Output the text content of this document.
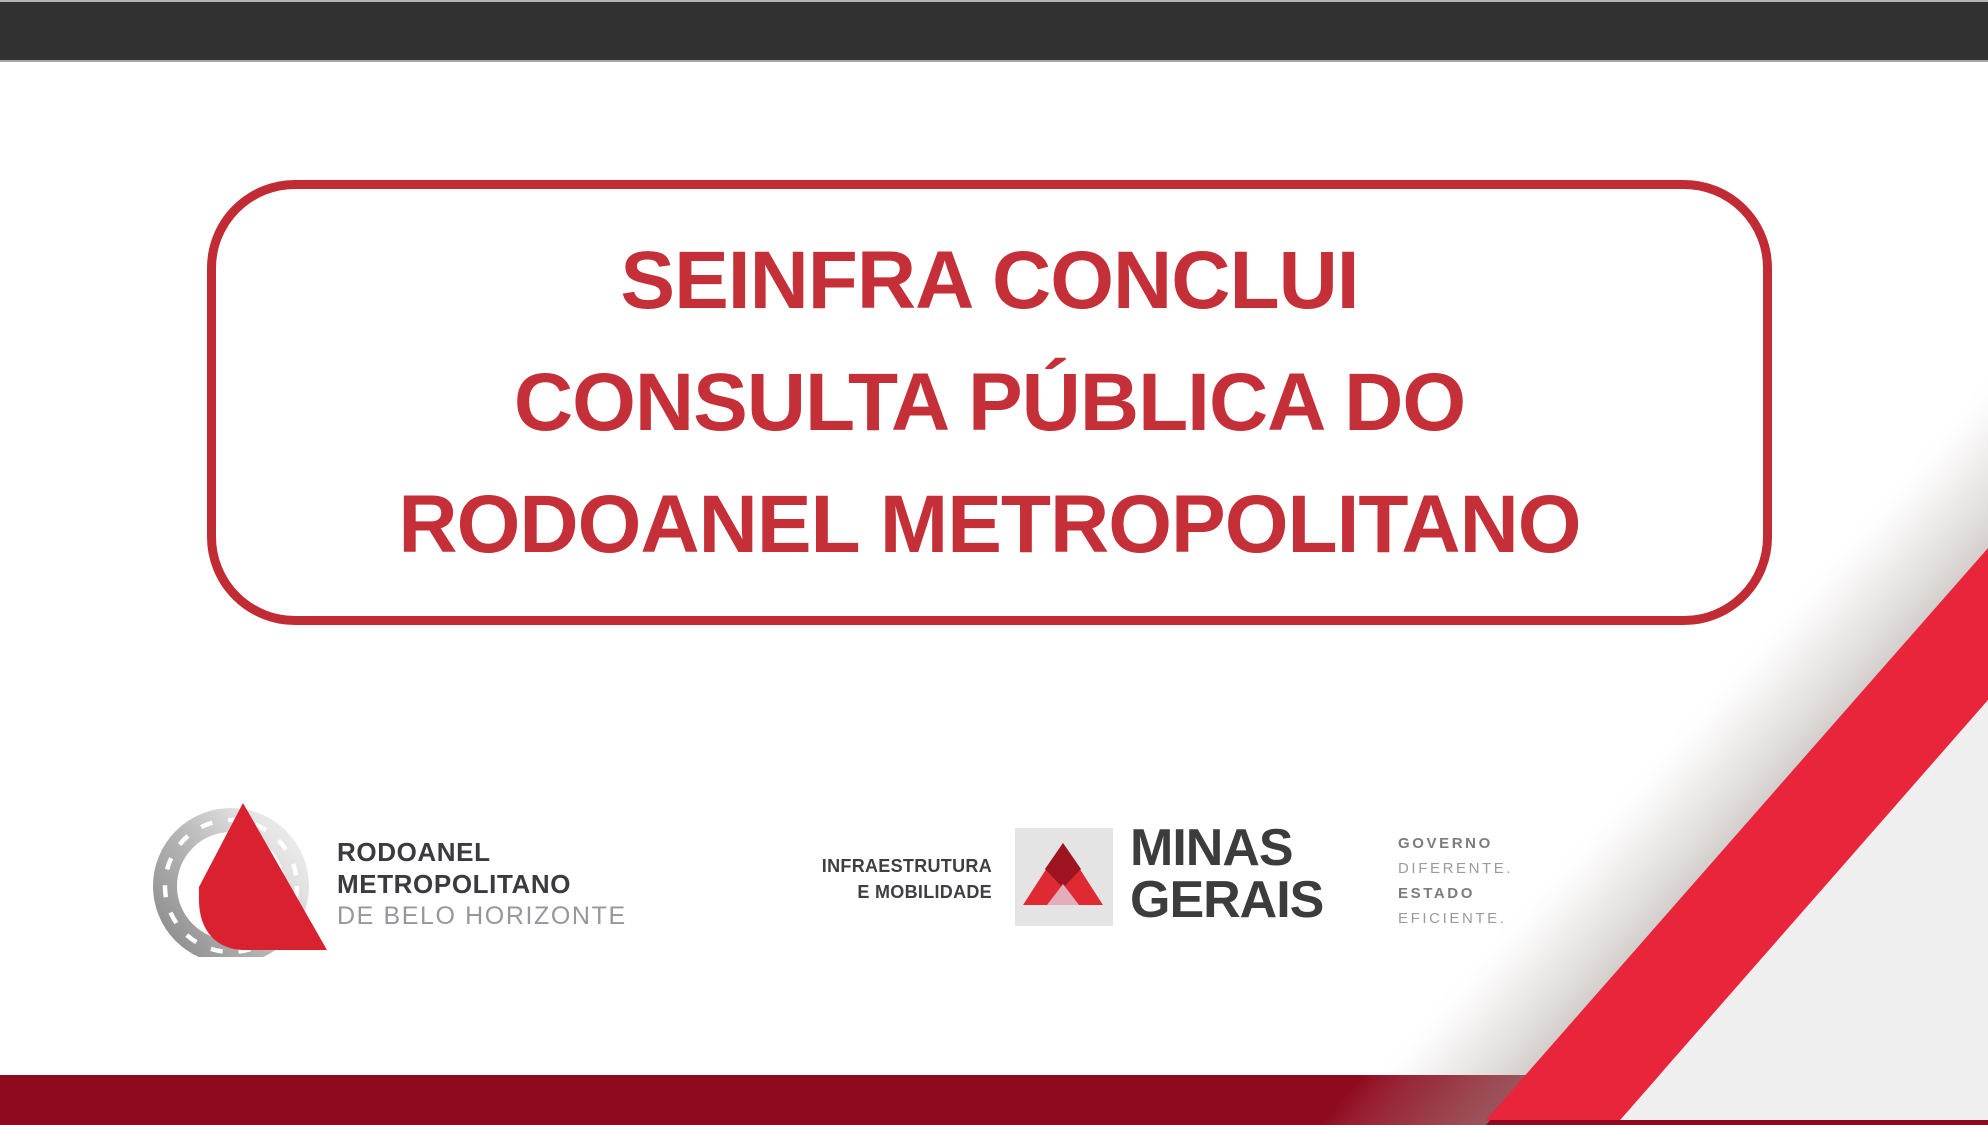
SEINFRA CONCLUI
CONSULTA PÚBLICA DO
RODOANEL METROPOLITANO
RODOANEL
METROPOLITANO
DE BELO HORIZONTE
INFRAESTRUTURA
E MOBILIDADE
MINAS
GERAIS
GOVERNO
DIFERENTE.
ESTADO
EFICIENTE.
